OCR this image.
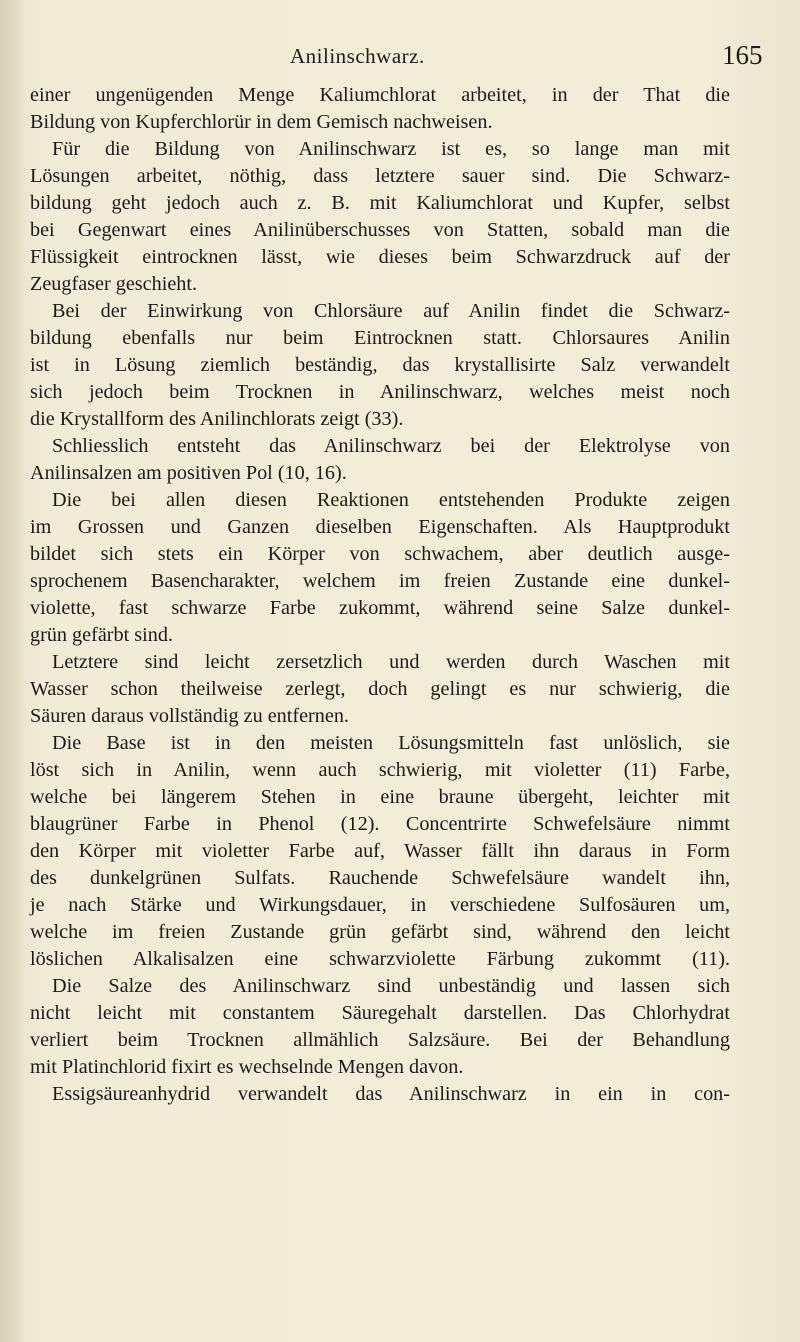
Anilinschwarz.	165
einer ungenügenden Menge Kaliumchlorat arbeitet, in der That die
Bildung von Kupferchlorür in dem Gemisch nachweisen.
Für die Bildung von Anilinschwarz ist es, so lange man mit
Lösungen arbeitet, nöthig, dass letztere sauer sind. Die Schwarz-
bildung geht jedoch auch z. B. mit Kaliumchlorat und Kupfer, selbst
bei Gegenwart eines Anilinüberschusses von Statten, sobald man die
Flüssigkeit eintrocknen lässt, wie dieses beim Schwarzdruck auf der
Zeugfaser geschieht.
Bei der Einwirkung von Chlorsäure auf Anilin findet die Schwarz-
bildung ebenfalls nur beim Eintrocknen statt. Chlorsaures Anilin
ist in Lösung ziemlich beständig, das krystallisirte Salz verwandelt
sich jedoch beim Trocknen in Anilinschwarz, welches meist noch
die Krystallform des Anilinchlorats zeigt (33).
Schliesslich entsteht das Anilinschwarz bei der Elektrolyse von
Anilinsalzen am positiven Pol (10, 16).
Die bei allen diesen Reaktionen entstehenden Produkte zeigen
im Grossen und Ganzen dieselben Eigenschaften. Als Hauptprodukt
bildet sich stets ein Körper von schwachem, aber deutlich ausge-
sprochenem Basencharakter, welchem im freien Zustande eine dunkel-
violette, fast schwarze Farbe zukommt, während seine Salze dunkel-
grün gefärbt sind.
Letztere sind leicht zersetzlich und werden durch Waschen mit
Wasser schon theilweise zerlegt, doch gelingt es nur schwierig, die
Säuren daraus vollständig zu entfernen.
Die Base ist in den meisten Lösungsmitteln fast unlöslich, sie
löst sich in Anilin, wenn auch schwierig, mit violetter (11) Farbe,
welche bei längerem Stehen in eine braune übergeht, leichter mit
blaugrüner Farbe in Phenol (12). Concentrirte Schwefelsäure nimmt
den Körper mit violetter Farbe auf, Wasser fällt ihn daraus in Form
des dunkelgrünen Sulfats. Rauchende Schwefelsäure wandelt ihn,
je nach Stärke und Wirkungsdauer, in verschiedene Sulfosäuren um,
welche im freien Zustande grün gefärbt sind, während den leicht
löslichen Alkalisalzen eine schwarzviolette Färbung zukommt (11).
Die Salze des Anilinschwarz sind unbeständig und lassen sich
nicht leicht mit constantem Säuregehalt darstellen. Das Chlorhydrat
verliert beim Trocknen allmählich Salzsäure. Bei der Behandlung
mit Platinchlorid fixirt es wechselnde Mengen davon.
Essigsäureanhydrid verwandelt das Anilinschwarz in ein in con-
